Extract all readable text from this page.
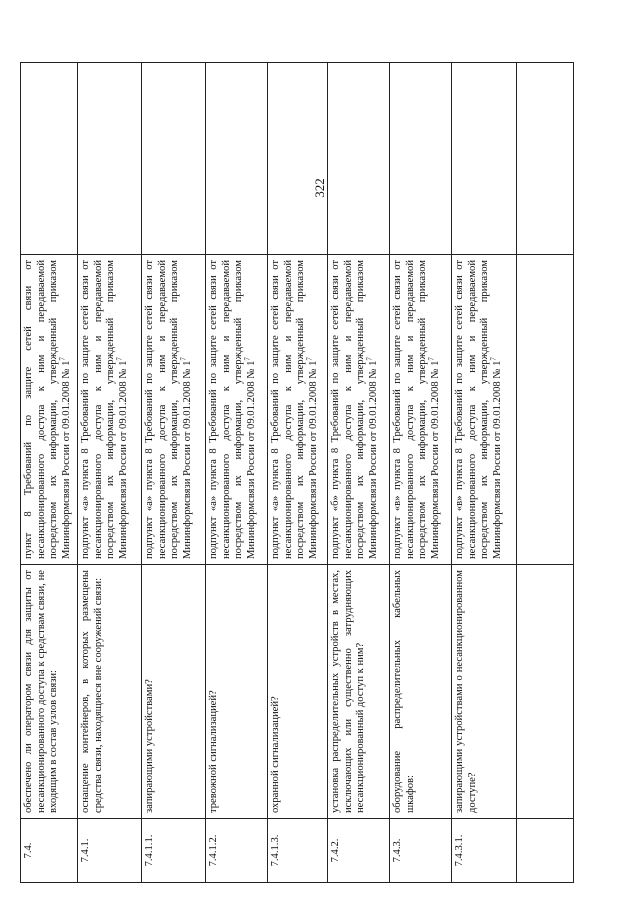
322
7.4.	обеспечено ли оператором связи для защиты от несанкционированного доступа к средствам связи, не входящим в состав узлов связи:	пункт 8 Требований по защите сетей связи от несанкционированного доступа к ним и передаваемой посредством их информации, утвержденный приказом Мининформсвязи России от 09.01.2008 № $1^7$	
7.4.1.	оснащение контейнеров, в которых размещены средства связи, находящиеся вне сооружений связи:	подпункт «а» пункта 8 Требований по защите сетей связи от несанкционированного доступа к ним и передаваемой посредством их информации, утвержденный приказом Мининформсвязи России от 09.01.2008 № $1^7$	
7.4.1.1.	запирающими устройствами?	подпункт «а» пункта 8 Требований по защите сетей связи от несанкционированного доступа к ним и передаваемой посредством их информации, утвержденный приказом Мининформсвязи России от 09.01.2008 № $1^7$	
7.4.1.2.	тревожной сигнализацией?	подпункт «а» пункта 8 Требований по защите сетей связи от несанкционированного доступа к ним и передаваемой посредством их информации, утвержденный приказом Мининформсвязи России от 09.01.2008 № $1^7$	
7.4.1.3.	охранной сигнализацией?	подпункт «а» пункта 8 Требований по защите сетей связи от несанкционированного доступа к ним и передаваемой посредством их информации, утвержденный приказом Мининформсвязи России от 09.01.2008 № $1^7$	
7.4.2.	установка распределительных устройств в местах, исключающих или существенно затрудняющих несанкционированный доступ к ним?	подпункт «б» пункта 8 Требований по защите сетей связи от несанкционированного доступа к ним и передаваемой посредством их информации, утвержденный приказом Мининформсвязи России от 09.01.2008 № $1^7$	
7.4.3.	оборудование распределительных кабельных шкафов:	подпункт «в» пункта 8 Требований по защите сетей связи от несанкционированного доступа к ним и передаваемой посредством их информации, утвержденный приказом Мининформсвязи России от 09.01.2008 № $1^7$	
7.4.3.1.	запирающими устройствами о несанкционированном доступе?	подпункт «в» пункта 8 Требований по защите сетей связи от несанкционированного доступа к ним и передаваемой посредством их информации, утвержденный приказом Мининформсвязи России от 09.01.2008 № $1^7$	
